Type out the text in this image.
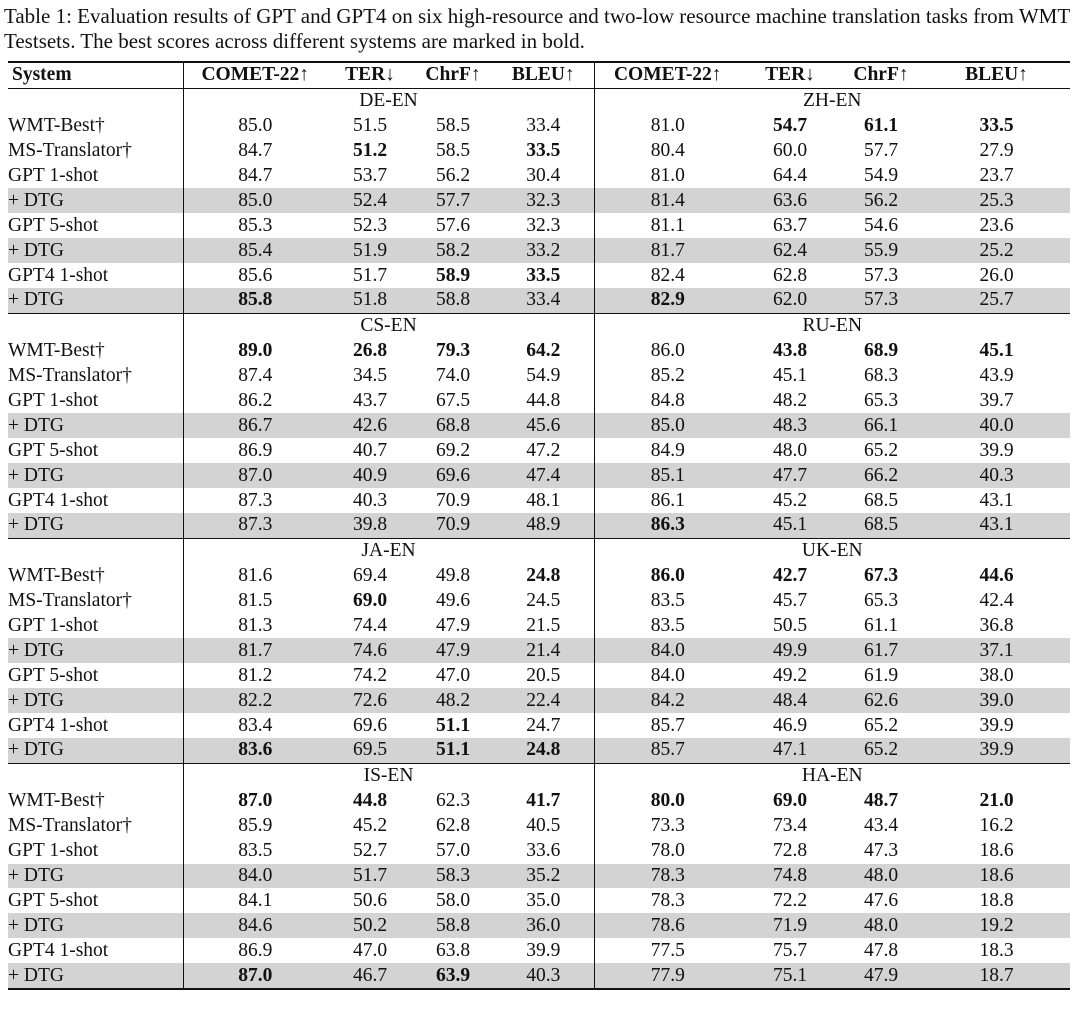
Table 1: Evaluation results of GPT and GPT4 on six high-resource and two-low resource machine translation tasks from WMT Testsets. The best scores across different systems are marked in bold.

System	COMET-22↑	TER↓	ChrF↑	BLEU↑	COMET-22↑	TER↓	ChrF↑	BLEU↑
	DE-EN				ZH-EN			
WMT-Best†	85.0	51.5	58.5	33.4	81.0	54.7	61.1	33.5
MS-Translator†	84.7	51.2	58.5	33.5	80.4	60.0	57.7	27.9
GPT 1-shot	84.7	53.7	56.2	30.4	81.0	64.4	54.9	23.7
+ DTG	85.0	52.4	57.7	32.3	81.4	63.6	56.2	25.3
GPT 5-shot	85.3	52.3	57.6	32.3	81.1	63.7	54.6	23.6
+ DTG	85.4	51.9	58.2	33.2	81.7	62.4	55.9	25.2
GPT4 1-shot	85.6	51.7	58.9	33.5	82.4	62.8	57.3	26.0
+ DTG	85.8	51.8	58.8	33.4	82.9	62.0	57.3	25.7
	CS-EN				RU-EN			
WMT-Best†	89.0	26.8	79.3	64.2	86.0	43.8	68.9	45.1
MS-Translator†	87.4	34.5	74.0	54.9	85.2	45.1	68.3	43.9
GPT 1-shot	86.2	43.7	67.5	44.8	84.8	48.2	65.3	39.7
+ DTG	86.7	42.6	68.8	45.6	85.0	48.3	66.1	40.0
GPT 5-shot	86.9	40.7	69.2	47.2	84.9	48.0	65.2	39.9
+ DTG	87.0	40.9	69.6	47.4	85.1	47.7	66.2	40.3
GPT4 1-shot	87.3	40.3	70.9	48.1	86.1	45.2	68.5	43.1
+ DTG	87.3	39.8	70.9	48.9	86.3	45.1	68.5	43.1
	JA-EN				UK-EN			
WMT-Best†	81.6	69.4	49.8	24.8	86.0	42.7	67.3	44.6
MS-Translator†	81.5	69.0	49.6	24.5	83.5	45.7	65.3	42.4
GPT 1-shot	81.3	74.4	47.9	21.5	83.5	50.5	61.1	36.8
+ DTG	81.7	74.6	47.9	21.4	84.0	49.9	61.7	37.1
GPT 5-shot	81.2	74.2	47.0	20.5	84.0	49.2	61.9	38.0
+ DTG	82.2	72.6	48.2	22.4	84.2	48.4	62.6	39.0
GPT4 1-shot	83.4	69.6	51.1	24.7	85.7	46.9	65.2	39.9
+ DTG	83.6	69.5	51.1	24.8	85.7	47.1	65.2	39.9
	IS-EN				HA-EN			
WMT-Best†	87.0	44.8	62.3	41.7	80.0	69.0	48.7	21.0
MS-Translator†	85.9	45.2	62.8	40.5	73.3	73.4	43.4	16.2
GPT 1-shot	83.5	52.7	57.0	33.6	78.0	72.8	47.3	18.6
+ DTG	84.0	51.7	58.3	35.2	78.3	74.8	48.0	18.6
GPT 5-shot	84.1	50.6	58.0	35.0	78.3	72.2	47.6	18.8
+ DTG	84.6	50.2	58.8	36.0	78.6	71.9	48.0	19.2
GPT4 1-shot	86.9	47.0	63.8	39.9	77.5	75.7	47.8	18.3
+ DTG	87.0	46.7	63.9	40.3	77.9	75.1	47.9	18.7
